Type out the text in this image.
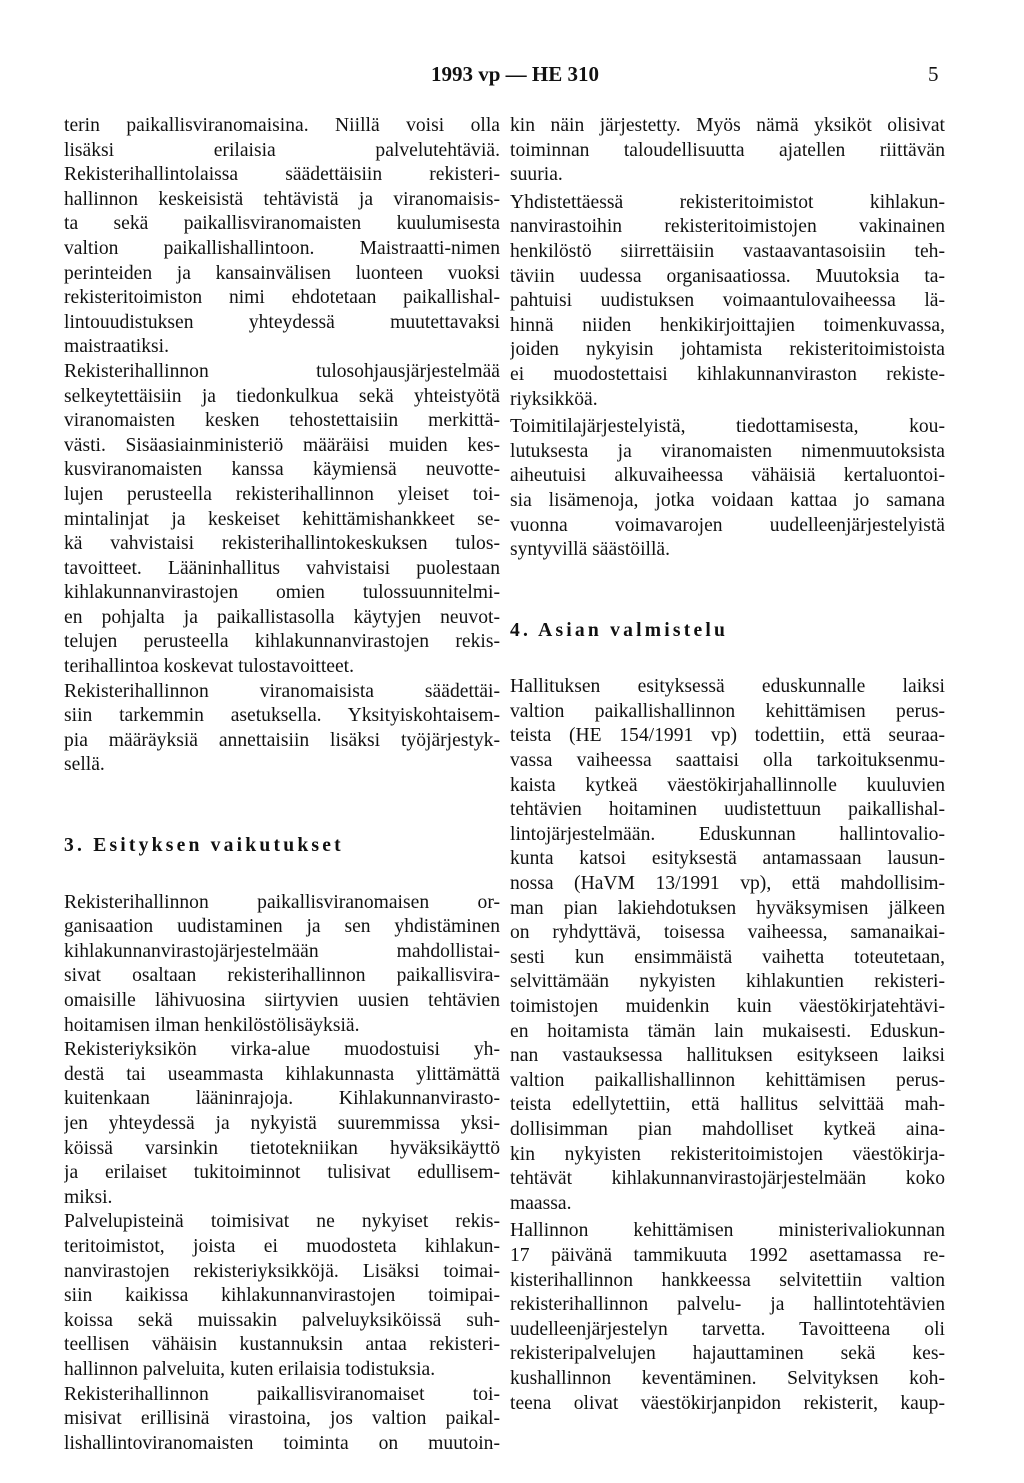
1993 vp — HE 310	5

terin paikallisviranomaisina. Niillä voisi olla
lisäksi erilaisia palvelutehtäviä.

Rekisterihallintolaissa säädettäisiin rekisteri-
hallinnon keskeisistä tehtävistä ja viranomaisis-
ta sekä paikallisviranomaisten kuulumisesta
valtion paikallishallintoon. Maistraatti-nimen
perinteiden ja kansainvälisen luonteen vuoksi
rekisteritoimiston nimi ehdotetaan paikallishal-
lintouudistuksen yhteydessä muutettavaksi
maistraatiksi.

Rekisterihallinnon tulosohjausjärjestelmää
selkeytettäisiin ja tiedonkulkua sekä yhteistyötä
viranomaisten kesken tehostettaisiin merkittä-
västi. Sisäasiainministeriö määräisi muiden kes-
kusviranomaisten kanssa käymiensä neuvotte-
lujen perusteella rekisterihallinnon yleiset toi-
mintalinjat ja keskeiset kehittämishankkeet se-
kä vahvistaisi rekisterihallintokeskuksen tulos-
tavoitteet. Lääninhallitus vahvistaisi puolestaan
kihlakunnanvirastojen omien tulossuunnitelmi-
en pohjalta ja paikallistasolla käytyjen neuvot-
telujen perusteella kihlakunnanvirastojen rekis-
terihallintoa koskevat tulostavoitteet.

Rekisterihallinnon viranomaisista säädettäi-
siin tarkemmin asetuksella. Yksityiskohtaisem-
pia määräyksiä annettaisiin lisäksi työjärjestyk-
sellä.

3. Esityksen vaikutukset

Rekisterihallinnon paikallisviranomaisen or-
ganisaation uudistaminen ja sen yhdistäminen
kihlakunnanvirastojärjestelmään mahdollistai-
sivat osaltaan rekisterihallinnon paikallisvira-
omaisille lähivuosina siirtyvien uusien tehtävien
hoitamisen ilman henkilöstölisäyksiä.

Rekisteriyksikön virka-alue muodostuisi yh-
destä tai useammasta kihlakunnasta ylittämättä
kuitenkaan lääninrajoja. Kihlakunnanvirasto-
jen yhteydessä ja nykyistä suuremmissa yksi-
köissä varsinkin tietotekniikan hyväksikäyttö
ja erilaiset tukitoiminnot tulisivat edullisem-
miksi.

Palvelupisteinä toimisivat ne nykyiset rekis-
teritoimistot, joista ei muodosteta kihlakun-
nanvirastojen rekisteriyksikköjä. Lisäksi toimai-
siin kaikissa kihlakunnanvirastojen toimipai-
koissa sekä muissakin palveluyksiköissä suh-
teellisen vähäisin kustannuksin antaa rekisteri-
hallinnon palveluita, kuten erilaisia todistuksia.

Rekisterihallinnon paikallisviranomaiset toi-
misivat erillisinä virastoina, jos valtion paikal-
lishallintoviranomaisten toiminta on muutoin-

kin näin järjestetty. Myös nämä yksiköt olisivat
toiminnan taloudellisuutta ajatellen riittävän
suuria.

Yhdistettäessä rekisteritoimistot kihlakun-
nanvirastoihin rekisteritoimistojen vakinainen
henkilöstö siirrettäisiin vastaavantasoisiin teh-
täviin uudessa organisaatiossa. Muutoksia ta-
pahtuisi uudistuksen voimaantulovaiheessa lä-
hinnä niiden henkikirjoittajien toimenkuvassa,
joiden nykyisin johtamista rekisteritoimistoista
ei muodostettaisi kihlakunnanviraston rekiste-
riyksikköä.

Toimitilajärjestelyistä, tiedottamisesta, kou-
lutuksesta ja viranomaisten nimenmuutoksista
aiheutuisi alkuvaiheessa vähäisiä kertaluontoi-
sia lisämenoja, jotka voidaan kattaa jo samana
vuonna voimavarojen uudelleenjärjestelyistä
syntyvillä säästöillä.

4. Asian valmistelu

Hallituksen esityksessä eduskunnalle laiksi
valtion paikallishallinnon kehittämisen perus-
teista (HE 154/1991 vp) todettiin, että seuraa-
vassa vaiheessa saattaisi olla tarkoituksenmu-
kaista kytkeä väestökirjahallinnolle kuuluvien
tehtävien hoitaminen uudistettuun paikallishal-
lintojärjestelmään. Eduskunnan hallintovalio-
kunta katsoi esityksestä antamassaan lausun-
nossa (HaVM 13/1991 vp), että mahdollisim-
man pian lakiehdotuksen hyväksymisen jälkeen
on ryhdyttävä, toisessa vaiheessa, samanaikai-
sesti kun ensimmäistä vaihetta toteutetaan,
selvittämään nykyisten kihlakuntien rekisteri-
toimistojen muidenkin kuin väestökirjatehtävi-
en hoitamista tämän lain mukaisesti. Eduskun-
nan vastauksessa hallituksen esitykseen laiksi
valtion paikallishallinnon kehittämisen perus-
teista edellytettiin, että hallitus selvittää mah-
dollisimman pian mahdolliset kytkeä aina-
kin nykyisten rekisteritoimistojen väestökirja-
tehtävät kihlakunnanvirastojärjestelmään koko
maassa.

Hallinnon kehittämisen ministerivaliokunnan
17 päivänä tammikuuta 1992 asettamassa re-
kisterihallinnon hankkeessa selvitettiin valtion
rekisterihallinnon palvelu- ja hallintotehtävien
uudelleenjärjestelyn tarvetta. Tavoitteena oli
rekisteripalvelujen hajauttaminen sekä kes-
kushallinnon keventäminen. Selvityksen koh-
teena olivat väestökirjanpidon rekisterit, kaup-
